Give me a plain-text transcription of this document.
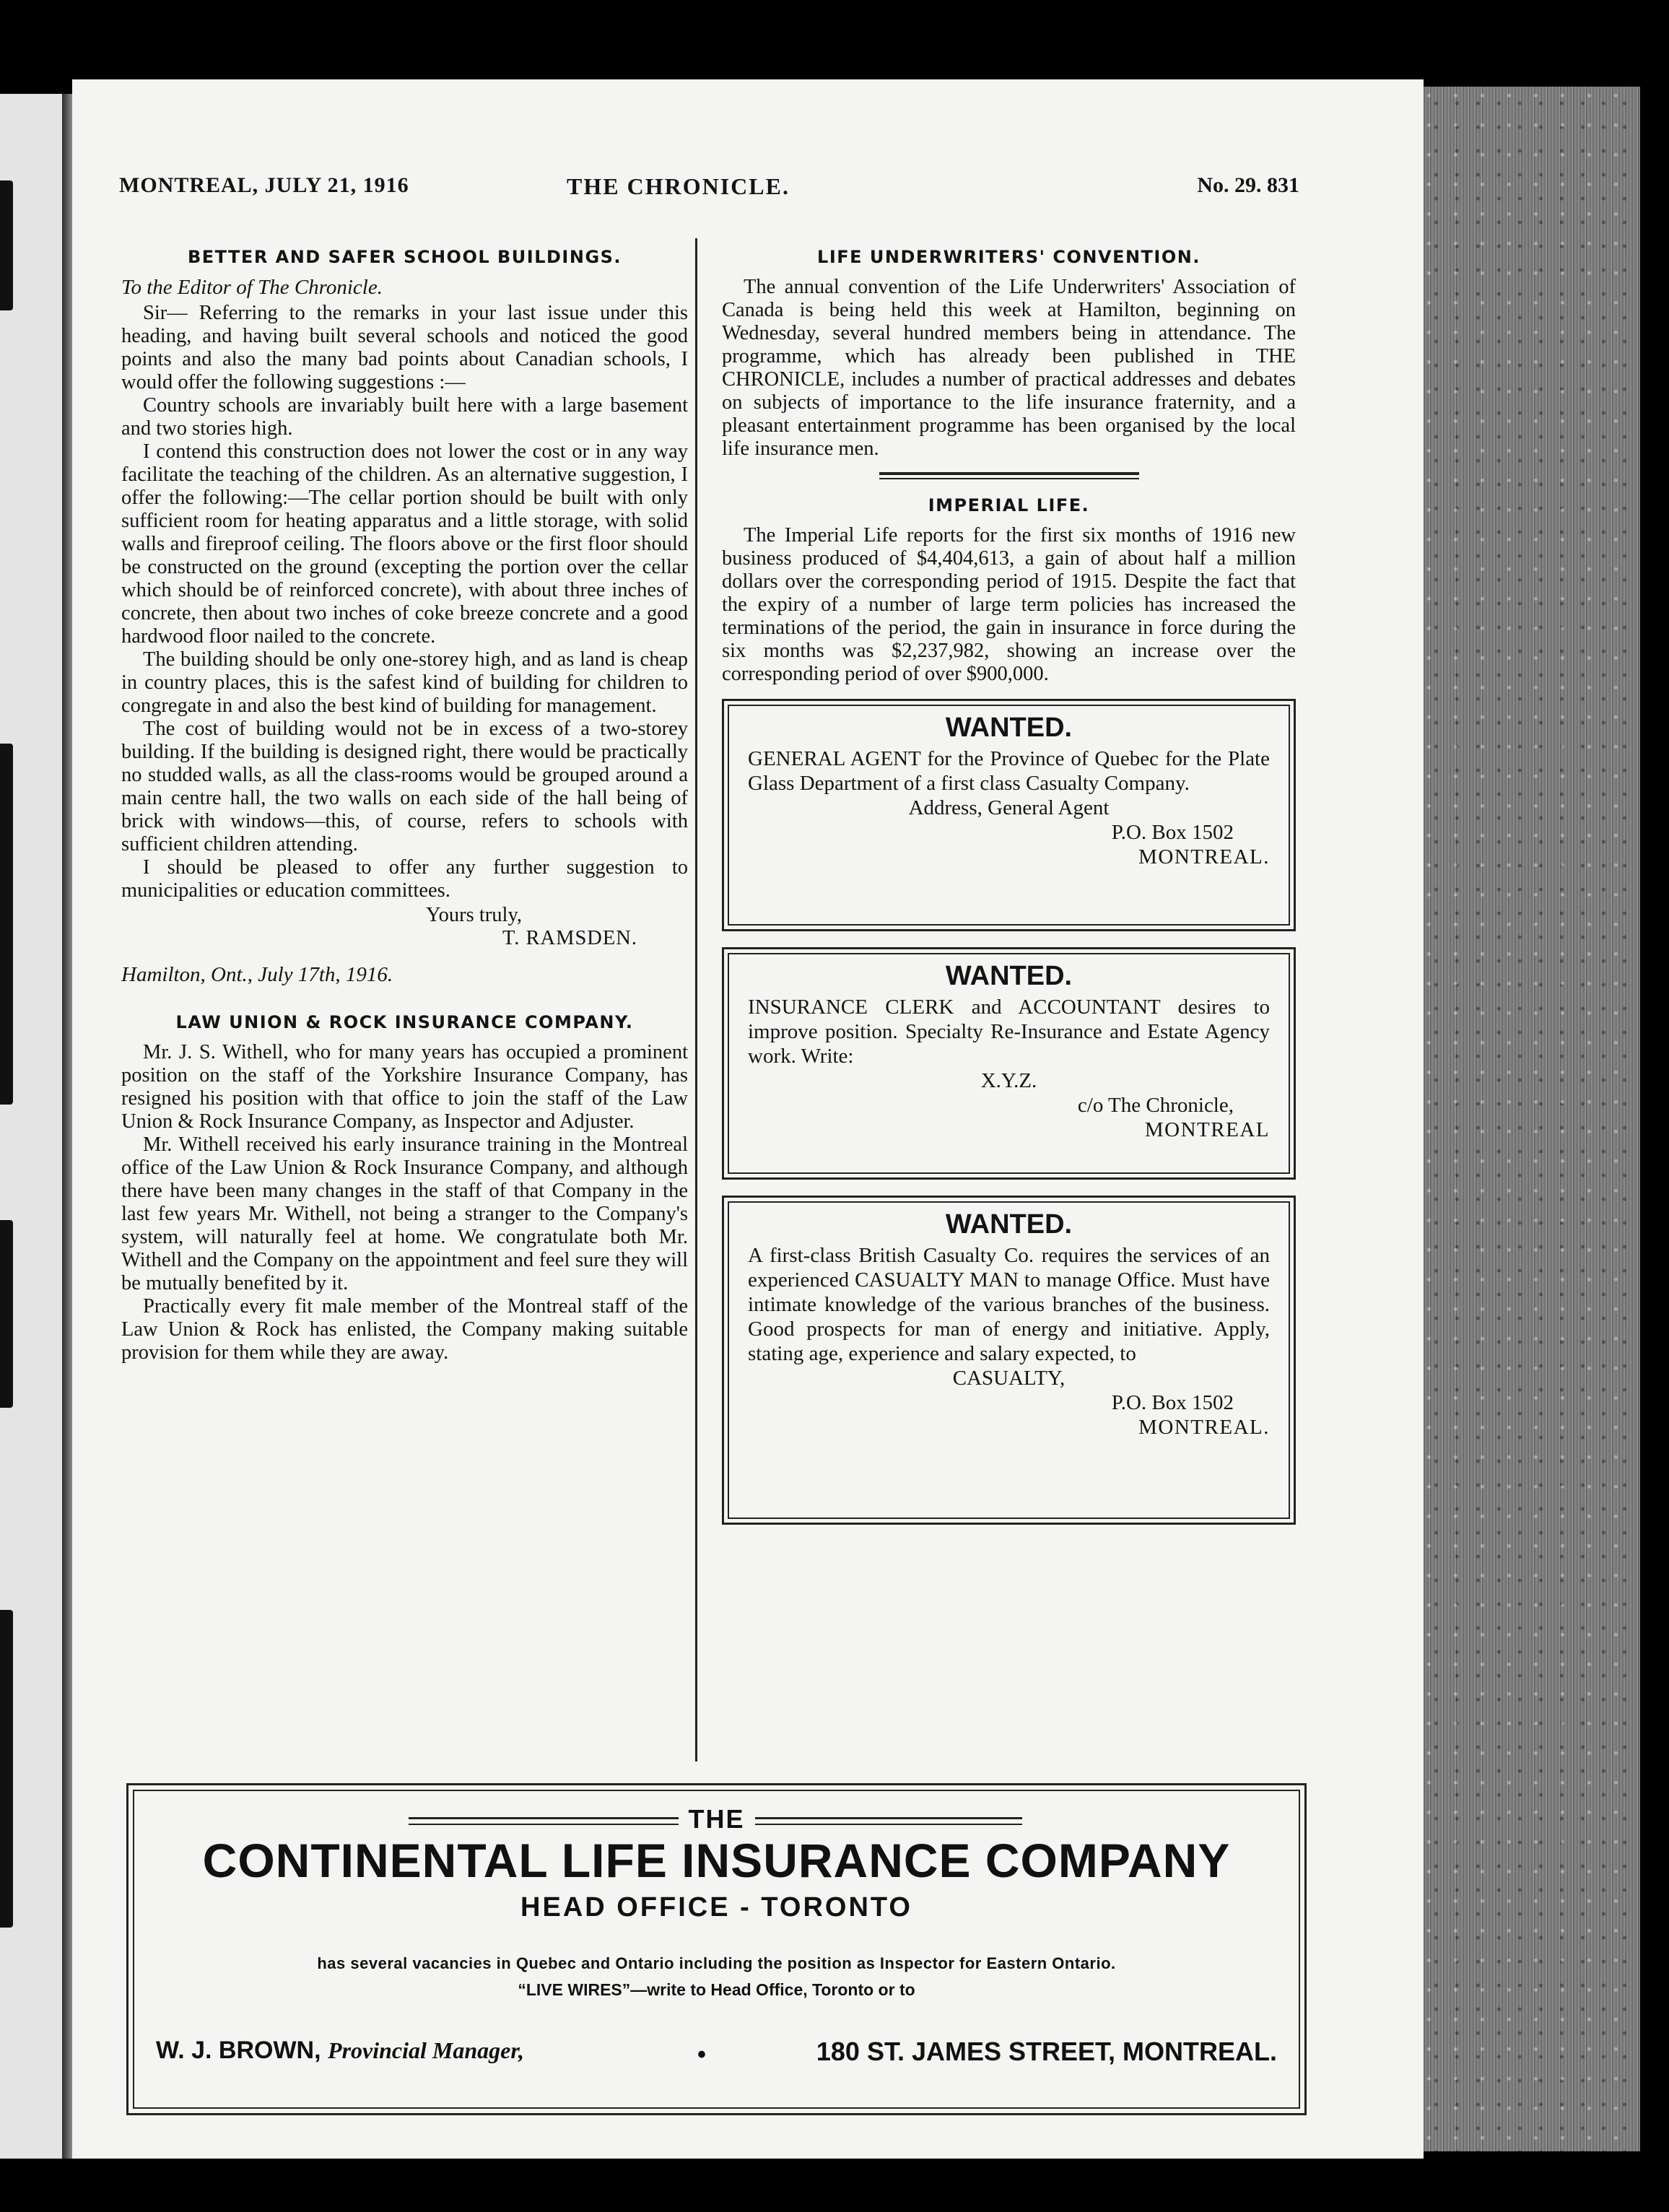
MONTREAL, JULY 21, 1916	THE CHRONICLE.	No. 29. 831
BETTER AND SAFER SCHOOL BUILDINGS.
To the Editor of The Chronicle.

Sir— Referring to the remarks in your last issue under this heading, and having built several schools and noticed the good points and also the many bad points about Canadian schools, I would offer the following suggestions :—

Country schools are invariably built here with a large basement and two stories high.

I contend this construction does not lower the cost or in any way facilitate the teaching of the children. As an alternative suggestion, I offer the following:—The cellar portion should be built with only sufficient room for heating apparatus and a little storage, with solid walls and fireproof ceiling. The floors above or the first floor should be constructed on the ground (excepting the portion over the cellar which should be of reinforced concrete), with about three inches of concrete, then about two inches of coke breeze concrete and a good hardwood floor nailed to the concrete.

The building should be only one-storey high, and as land is cheap in country places, this is the safest kind of building for children to congregate in and also the best kind of building for management.

The cost of building would not be in excess of a two-storey building. If the building is designed right, there would be practically no studded walls, as all the class-rooms would be grouped around a main centre hall, the two walls on each side of the hall being of brick with windows—this, of course, refers to schools with sufficient children attending.

I should be pleased to offer any further suggestion to municipalities or education committees.

Yours truly,
T. RAMSDEN.
Hamilton, Ont., July 17th, 1916.
LAW UNION & ROCK INSURANCE COMPANY.

Mr. J. S. Withell, who for many years has occupied a prominent position on the staff of the Yorkshire Insurance Company, has resigned his position with that office to join the staff of the Law Union & Rock Insurance Company, as Inspector and Adjuster.

Mr. Withell received his early insurance training in the Montreal office of the Law Union & Rock Insurance Company, and although there have been many changes in the staff of that Company in the last few years Mr. Withell, not being a stranger to the Company's system, will naturally feel at home. We congratulate both Mr. Withell and the Company on the appointment and feel sure they will be mutually benefited by it.

Practically every fit male member of the Montreal staff of the Law Union & Rock has enlisted, the Company making suitable provision for them while they are away.

LIFE UNDERWRITERS' CONVENTION.

The annual convention of the Life Underwriters' Association of Canada is being held this week at Hamilton, beginning on Wednesday, several hundred members being in attendance. The programme, which has already been published in THE CHRONICLE, includes a number of practical addresses and debates on subjects of importance to the life insurance fraternity, and a pleasant entertainment programme has been organised by the local life insurance men.

IMPERIAL LIFE.

The Imperial Life reports for the first six months of 1916 new business produced of $4,404,613, a gain of about half a million dollars over the corresponding period of 1915. Despite the fact that the expiry of a number of large term policies has increased the terminations of the period, the gain in insurance in force during the six months was $2,237,982, showing an increase over the corresponding period of over $900,000.

WANTED.
GENERAL AGENT for the Province of Quebec for the Plate Glass Department of a first class Casualty Company.
Address, General Agent
P.O. Box 1502
MONTREAL.
WANTED.
INSURANCE CLERK and ACCOUNTANT desires to improve position. Specialty Re-Insurance and Estate Agency work. Write:
X.Y.Z.
c/o The Chronicle,
MONTREAL
WANTED.
A first-class British Casualty Co. requires the services of an experienced CASUALTY MAN to manage Office. Must have intimate knowledge of the various branches of the business. Good prospects for man of energy and initiative. Apply, stating age, experience and salary expected, to
CASUALTY,
P.O. Box 1502
MONTREAL.
THE
CONTINENTAL LIFE INSURANCE COMPANY
HEAD OFFICE - TORONTO
has several vacancies in Quebec and Ontario including the position as Inspector for Eastern Ontario.
“LIVE WIRES”—write to Head Office, Toronto or to
W. J. BROWN, Provincial Manager,	•	180 ST. JAMES STREET, MONTREAL.
